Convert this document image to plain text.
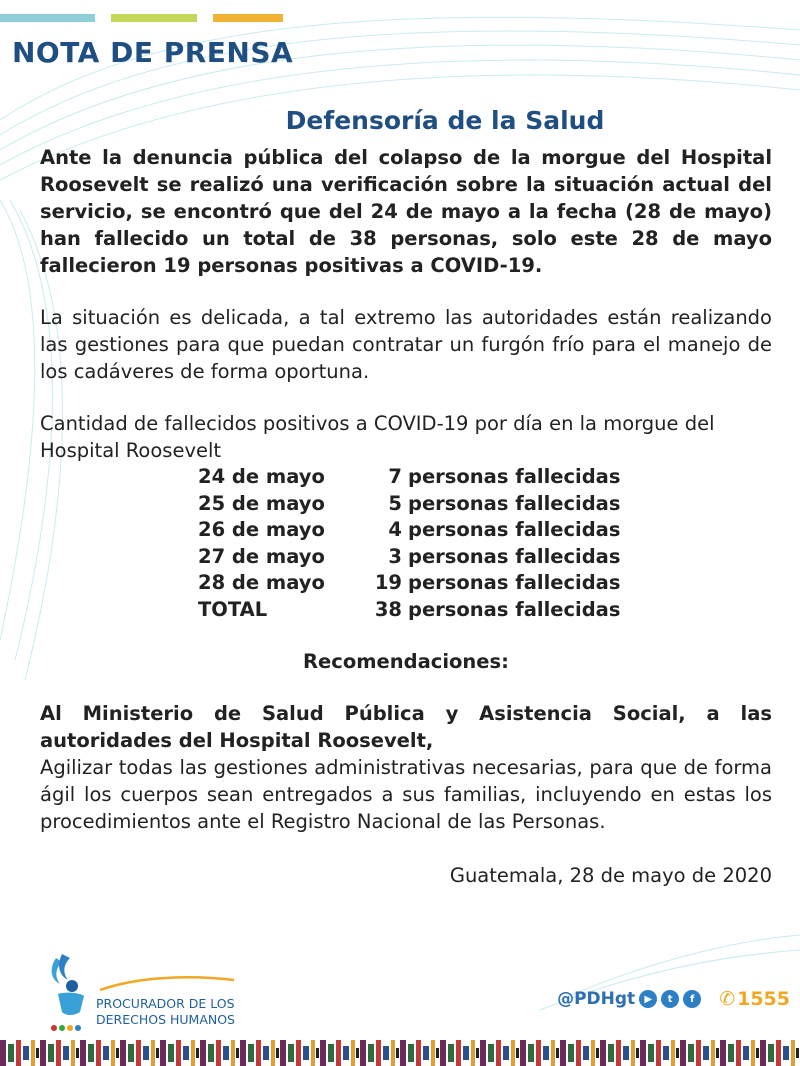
NOTA DE PRENSA
Defensoría de la Salud

Ante la denuncia pública del colapso de la morgue del Hospital Roosevelt se realizó una verificación sobre la situación actual del servicio, se encontró que del 24 de mayo a la fecha (28 de mayo) han fallecido un total de 38 personas, solo este 28 de mayo fallecieron 19 personas positivas a COVID-19.

La situación es delicada, a tal extremo las autoridades están realizando las gestiones para que puedan contratar un furgón frío para el manejo de los cadáveres de forma oportuna.

Cantidad de fallecidos positivos a COVID-19 por día en la morgue del Hospital Roosevelt

24 de mayo	7	personas fallecidas
25 de mayo	5	personas fallecidas
26 de mayo	4	personas fallecidas
27 de mayo	3	personas fallecidas
28 de mayo	19	personas fallecidas
TOTAL	38	personas fallecidas
Recomendaciones:

Al Ministerio de Salud Pública y Asistencia Social, a las autoridades del Hospital Roosevelt,

Agilizar todas las gestiones administrativas necesarias, para que de forma ágil los cuerpos sean entregados a sus familias, incluyendo en estas los procedimientos ante el Registro Nacional de las Personas.

Guatemala, 28 de mayo de 2020
PROCURADOR DE LOS
DERECHOS HUMANOS
@PDHgt ▶	t	f	✆ 1555
